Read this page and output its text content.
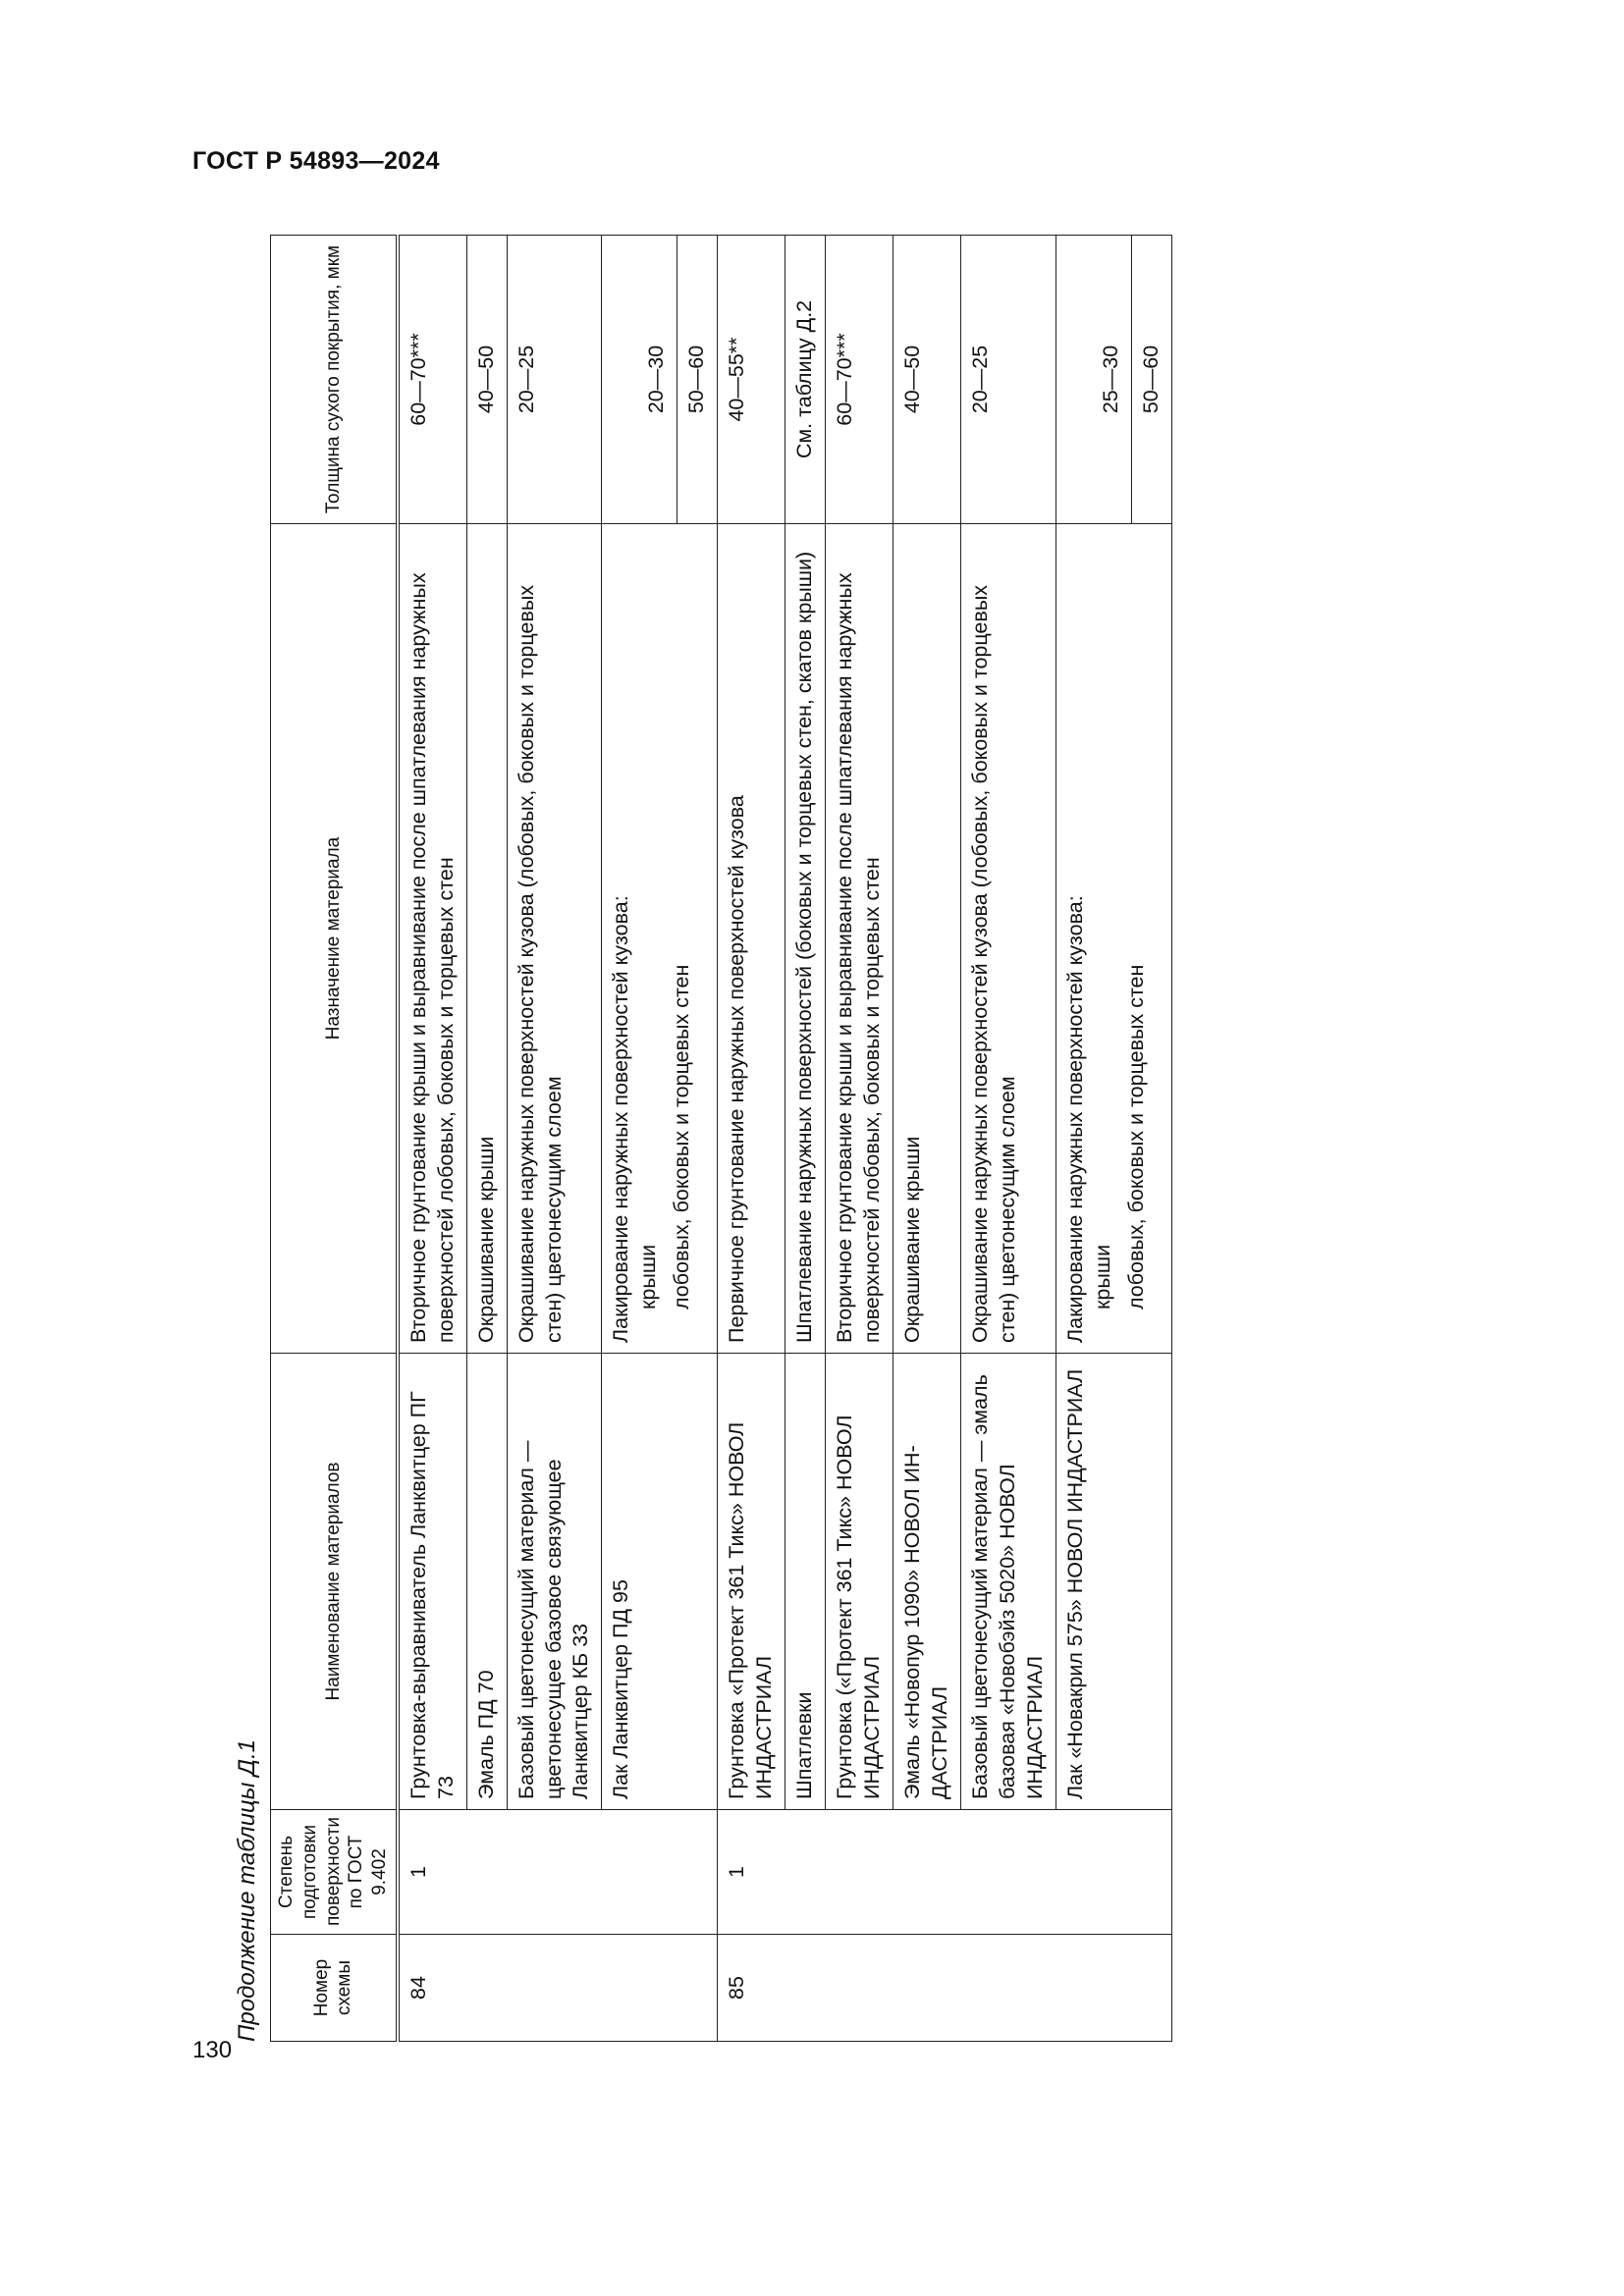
ГОСТ Р 54893—2024
Продолжение таблицы Д.1	Номер схемы	Степень подготовки поверхности по ГОСТ 9.402	Наименование материалов	Назначение материала	Толщина сухого покрытия, мкм
84	1	Грунтовка-выравниватель Ланквитцер ПГ 73	Вторичное грунтование крыши и выравнивание после шпатлевания наружных поверхностей лобовых, боковых и торцевых стен	60—70***
		Эмаль ПД 70	Окрашивание крыши	40—50
		Базовый цветонесущий материал — цветонесущее базовое связующее Ланквитцер КБ 33	Окрашивание наружных поверхностей кузова (лобовых, боковых и торцевых стен) цветонесущим слоем	20—25
		Лак Ланквитцер ПД 95	Лакирование наружных поверхностей кузова: крыши лобовых, боковых и торцевых стен	20—30
				50—60
85	1	Грунтовка «Протект 361 Тикс» НОВОЛ ИНДАСТРИАЛ	Первичное грунтование наружных поверхностей кузова	40—55**
		Шпатлевки	Шпатлевание наружных поверхностей (боковых и торцевых стен, скатов крыши)	См. таблицу Д.2
		Грунтовка («Протект 361 Тикс» НОВОЛ ИНДАСТРИАЛ	Вторичное грунтование крыши и выравнивание после шпатлевания наружных поверхностей лобовых, боковых и торцевых стен	60—70***
		Эмаль «Новопур 1090» НОВОЛ ИН-ДАСТРИАЛ	Окрашивание крыши	40—50
		Базовый цветонесущий материал — эмаль базовая «Новобэйз 5020» НОВОЛ ИНДАСТРИАЛ	Окрашивание наружных поверхностей кузова (лобовых, боковых и торцевых стен) цветонесущим слоем	20—25
		Лак «Новакрил 575» НОВОЛ ИНДАСТРИАЛ	Лакирование наружных поверхностей кузова: крыши лобовых, боковых и торцевых стен	25—30
				50—60
130
